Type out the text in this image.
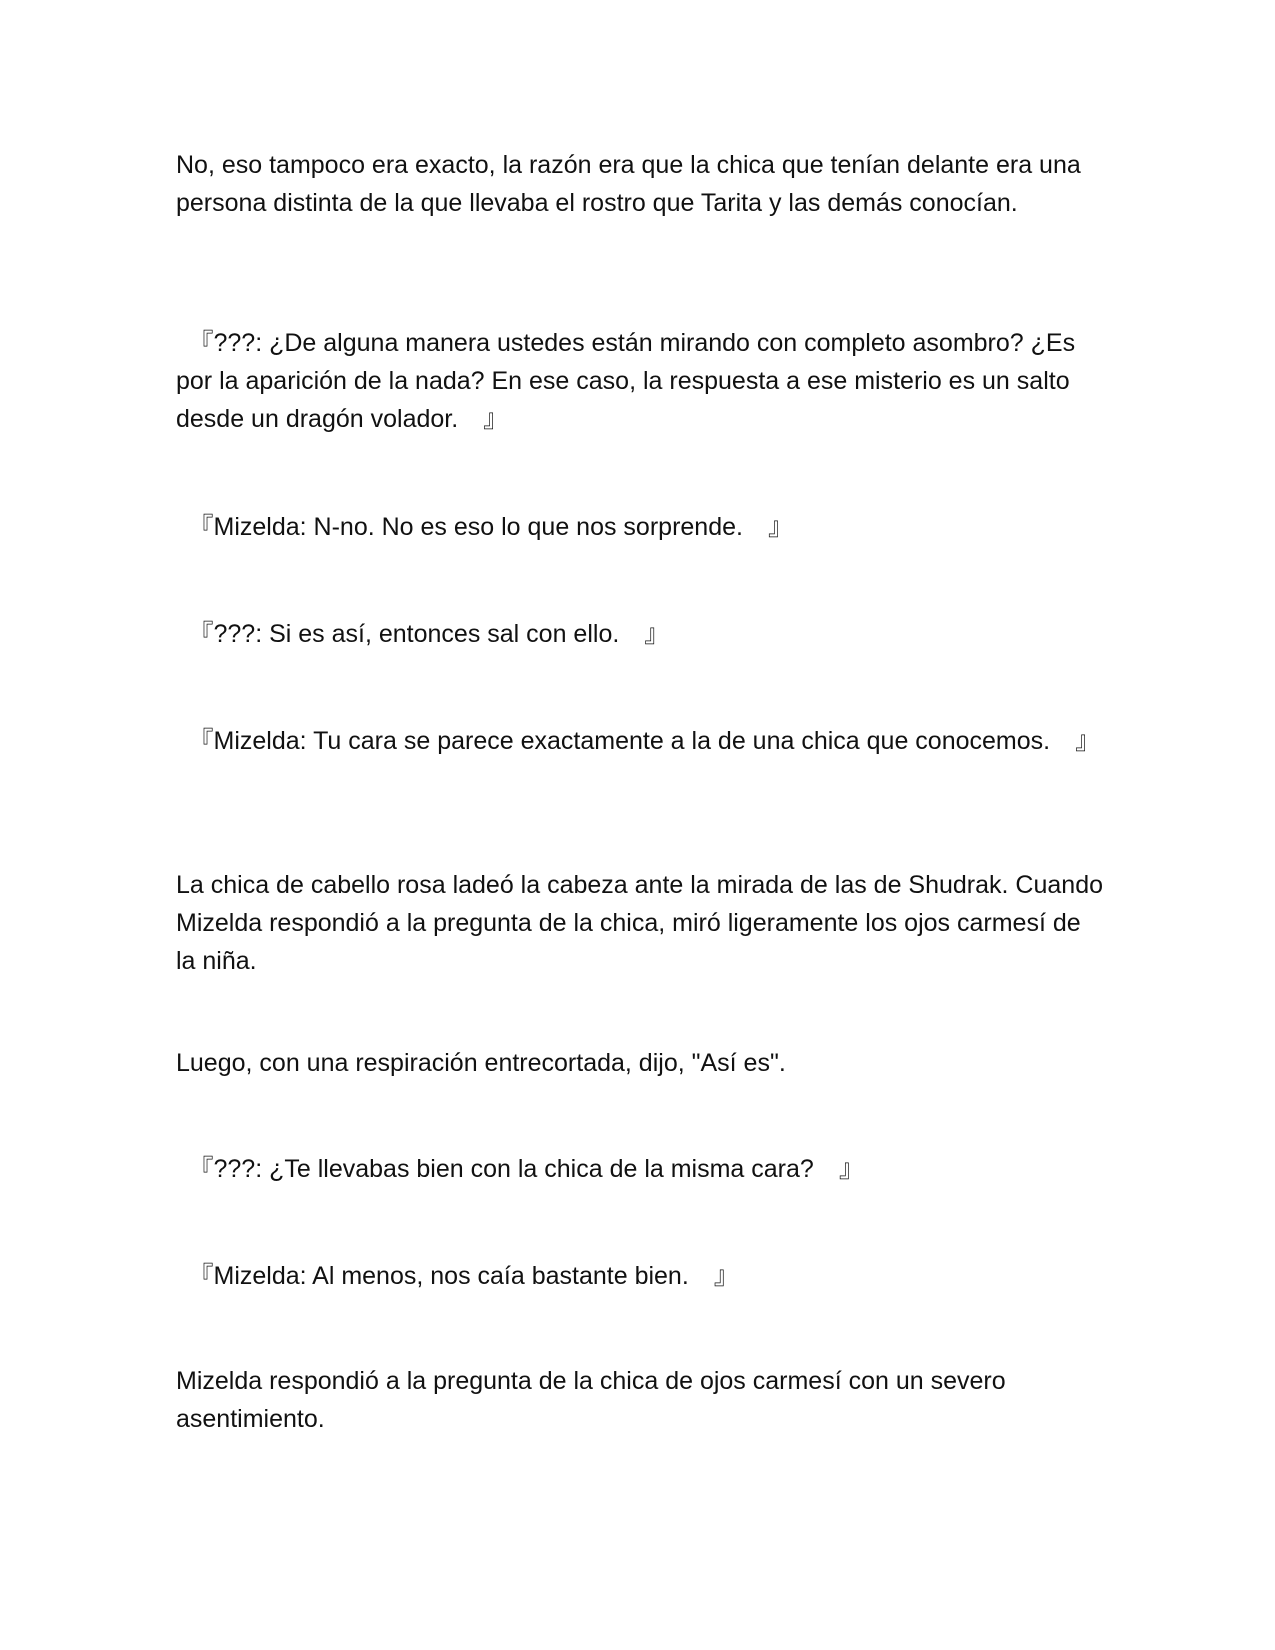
No, eso tampoco era exacto, la razón era que la chica que tenían delante era una persona distinta de la que llevaba el rostro que Tarita y las demás conocían.

　『???: ¿De alguna manera ustedes están mirando con completo asombro? ¿Es por la aparición de la nada? En ese caso, la respuesta a ese misterio es un salto desde un dragón volador.　』

　『Mizelda: N-no. No es eso lo que nos sorprende.　』

　『???: Si es así, entonces sal con ello.　』

　『Mizelda: Tu cara se parece exactamente a la de una chica que conocemos.　』

La chica de cabello rosa ladeó la cabeza ante la mirada de las de Shudrak. Cuando Mizelda respondió a la pregunta de la chica, miró ligeramente los ojos carmesí de la niña.

Luego, con una respiración entrecortada, dijo, "Así es".

　『???: ¿Te llevabas bien con la chica de la misma cara?　』

　『Mizelda: Al menos, nos caía bastante bien.　』

Mizelda respondió a la pregunta de la chica de ojos carmesí con un severo asentimiento.
